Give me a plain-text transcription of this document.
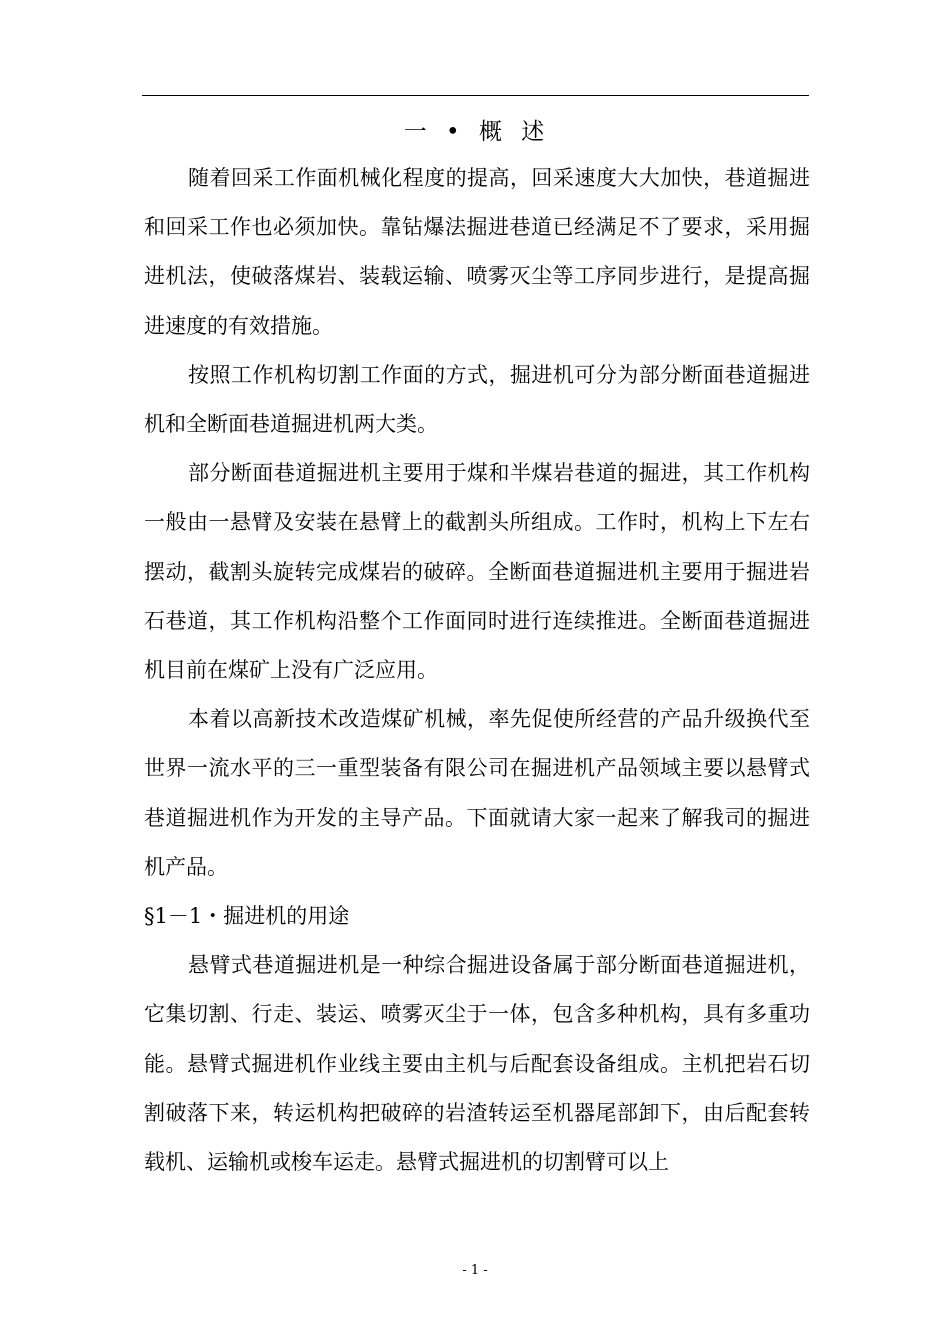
一 • 概 述

随着回采工作面机械化程度的提高，回采速度大大加快，巷道掘进和回采工作也必须加快。靠钻爆法掘进巷道已经满足不了要求，采用掘进机法，使破落煤岩、装载运输、喷雾灭尘等工序同步进行，是提高掘进速度的有效措施。

按照工作机构切割工作面的方式，掘进机可分为部分断面巷道掘进机和全断面巷道掘进机两大类。

部分断面巷道掘进机主要用于煤和半煤岩巷道的掘进，其工作机构一般由一悬臂及安装在悬臂上的截割头所组成。工作时，机构上下左右摆动，截割头旋转完成煤岩的破碎。全断面巷道掘进机主要用于掘进岩石巷道，其工作机构沿整个工作面同时进行连续推进。全断面巷道掘进机目前在煤矿上没有广泛应用。

本着以高新技术改造煤矿机械，率先促使所经营的产品升级换代至世界一流水平的三一重型装备有限公司在掘进机产品领域主要以悬臂式巷道掘进机作为开发的主导产品。下面就请大家一起来了解我司的掘进机产品。

§1－1・掘进机的用途

悬臂式巷道掘进机是一种综合掘进设备属于部分断面巷道掘进机，它集切割、行走、装运、喷雾灭尘于一体，包含多种机构，具有多重功能。悬臂式掘进机作业线主要由主机与后配套设备组成。主机把岩石切割破落下来，转运机构把破碎的岩渣转运至机器尾部卸下，由后配套转载机、运输机或梭车运走。悬臂式掘进机的切割臂可以上

- 1 -
